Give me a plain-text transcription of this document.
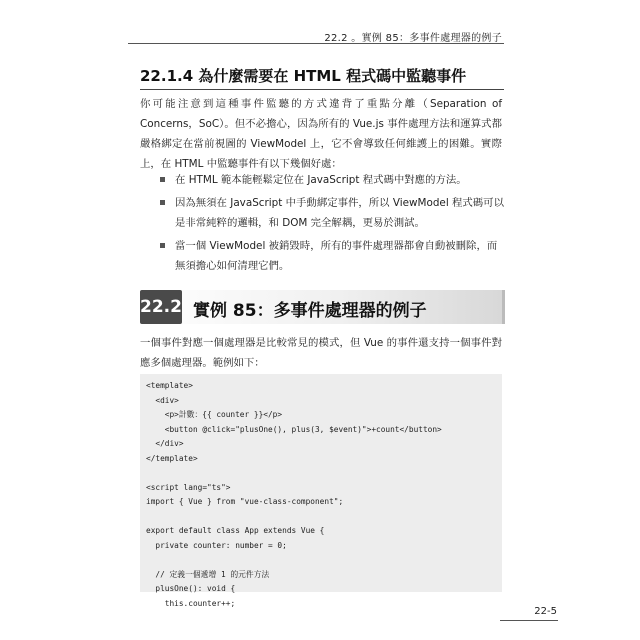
22.2 。實例 85：多事件處理器的例子
22.1.4 為什麼需要在 HTML 程式碼中監聽事件
你可能注意到這種事件監聽的方式違背了重點分離（Separation of Concerns，SoC）。但不必擔心，因為所有的 Vue.js 事件處理方法和運算式都嚴格綁定在當前視圖的 ViewModel 上，它不會導致任何維護上的困難。實際上，在 HTML 中監聽事件有以下幾個好處：
在 HTML 範本能輕鬆定位在 JavaScript 程式碼中對應的方法。
因為無須在 JavaScript 中手動綁定事件，所以 ViewModel 程式碼可以是非常純粹的邏輯，和 DOM 完全解耦，更易於測試。
當一個 ViewModel 被銷毀時，所有的事件處理器都會自動被刪除，而無須擔心如何清理它們。
22.2 實例 85：多事件處理器的例子
一個事件對應一個處理器是比較常見的模式，但 Vue 的事件還支持一個事件對應多個處理器。範例如下：
<template>
<div>
<p>計數：{{ counter }}</p>
<button @click="plusOne(), plus(3, $event)">+count</button>
</div>
</template>
<script lang="ts">
import { Vue } from "vue-class-component";
export default class App extends Vue {
private counter: number = 0;
// 定義一個遞增 1 的元件方法
plusOne(): void {
this.counter++;
22-5
